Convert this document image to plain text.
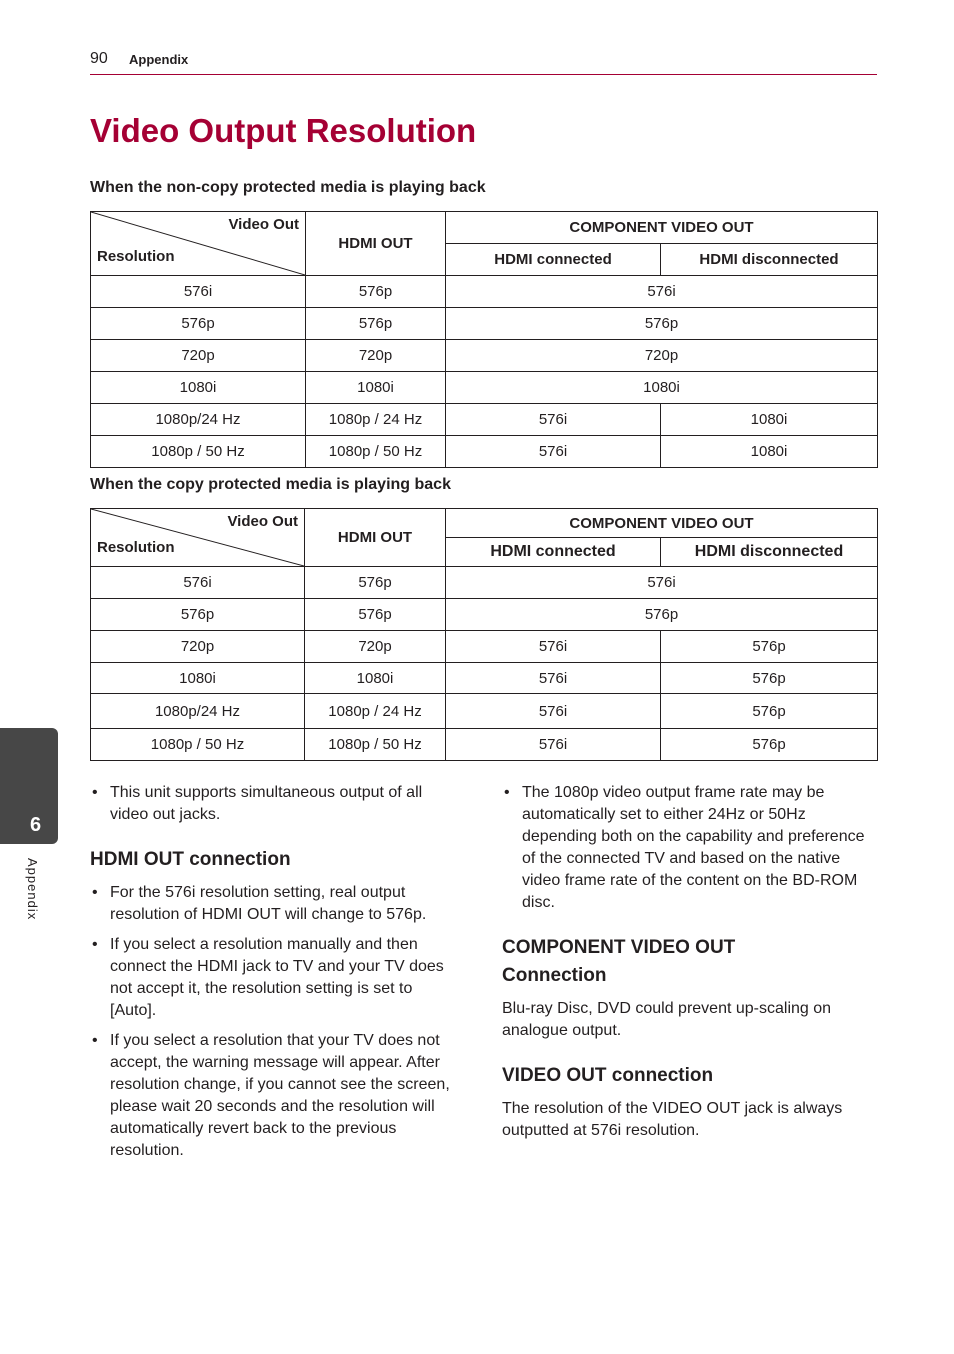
90 Appendix
Video Output Resolution

When the non-copy protected media is playing back

Video Out
Resolution	HDMI OUT	COMPONENT VIDEO OUT	
		HDMI connected	HDMI disconnected
576i	576p	576i	
576p	576p	576p	
720p	720p	720p	
1080i	1080i	1080i	
1080p/24 Hz	1080p / 24 Hz	576i	1080i
1080p / 50 Hz	1080p / 50 Hz	576i	1080i

When the copy protected media is playing back

Video Out
Resolution	HDMI OUT	COMPONENT VIDEO OUT	
		HDMI connected	HDMI disconnected
576i	576p	576i	
576p	576p	576p	
720p	720p	576i	576p
1080i	1080i	576i	576p
1080p/24 Hz	1080p / 24 Hz	576i	576p
1080p / 50 Hz	1080p / 50 Hz	576i	576p
• This unit supports simultaneous output of all video out jacks.
HDMI OUT connection
• For the 576i resolution setting, real output resolution of HDMI OUT will change to 576p.
• If you select a resolution manually and then connect the HDMI jack to TV and your TV does not accept it, the resolution setting is set to [Auto].
• If you select a resolution that your TV does not accept, the warning message will appear. After resolution change, if you cannot see the screen, please wait 20 seconds and the resolution will automatically revert back to the previous resolution.
• The 1080p video output frame rate may be automatically set to either 24Hz or 50Hz depending both on the capability and preference of the connected TV and based on the native video frame rate of the content on the BD-ROM disc.
COMPONENT VIDEO OUT
Connection

Blu-ray Disc, DVD could prevent up-scaling on analogue output.

VIDEO OUT connection

The resolution of the VIDEO OUT jack is always outputted at 576i resolution.

6
Appendix
